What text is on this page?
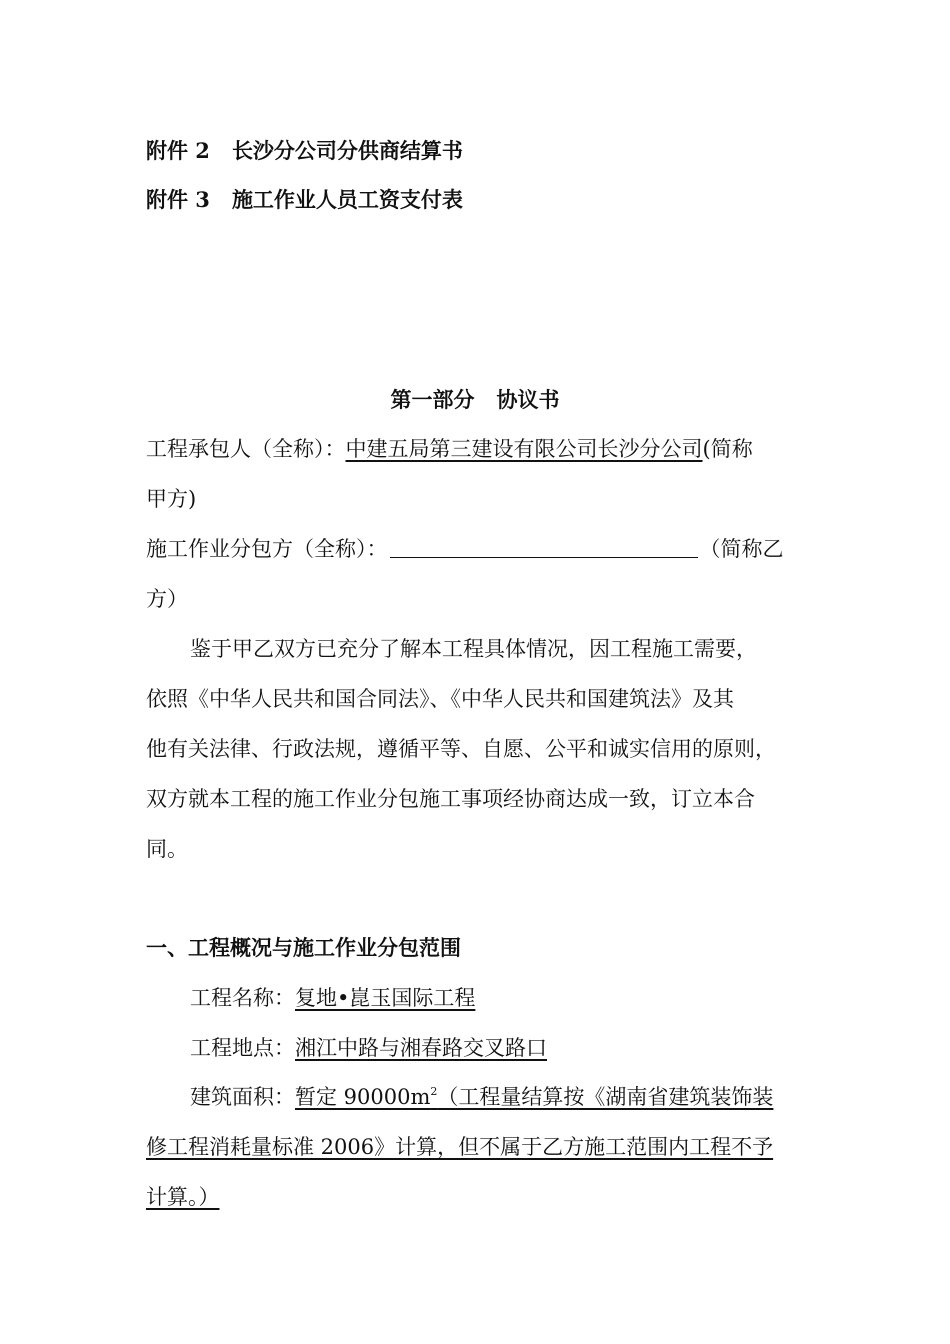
附件 2 长沙分公司分供商结算书
附件 3 施工作业人员工资支付表
第一部分 协议书
工程承包人（全称）：中建五局第三建设有限公司长沙分公司(简称
甲方)
施工作业分包方（全称）：	（简称乙
方）
鉴于甲乙双方已充分了解本工程具体情况，因工程施工需要，
依照《中华人民共和国合同法》、《中华人民共和国建筑法》及其
他有关法律、行政法规，遵循平等、自愿、公平和诚实信用的原则，
双方就本工程的施工作业分包施工事项经协商达成一致，订立本合
同。
一、工程概况与施工作业分包范围
工程名称：复地•崑玉国际工程
工程地点：湘江中路与湘春路交叉路口
建筑面积：暂定 $90000m^2$（工程量结算按《湖南省建筑装饰装
修工程消耗量标准 2006》计算，但不属于乙方施工范围内工程不予
计算。）
